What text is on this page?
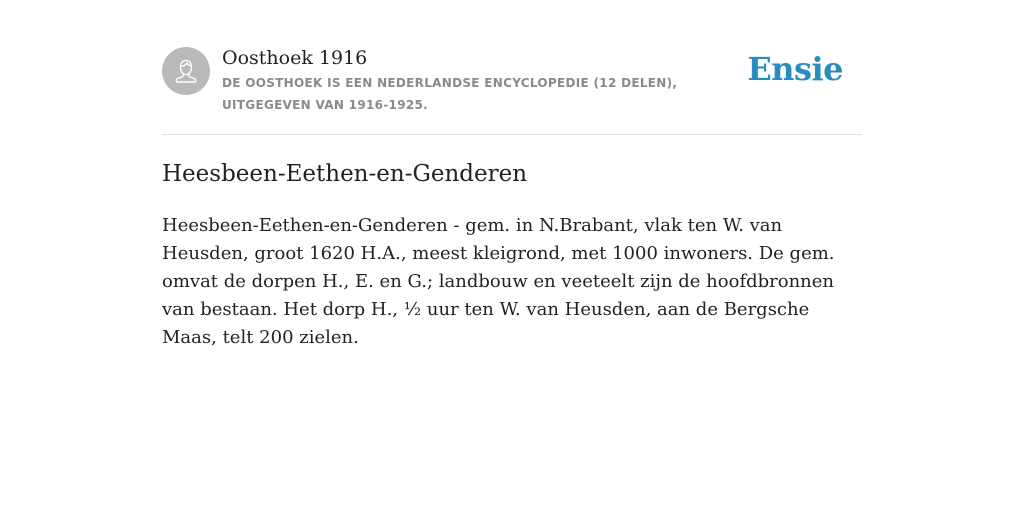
Oosthoek 1916
DE OOSTHOEK IS EEN NEDERLANDSE ENCYCLOPEDIE (12 DELEN), UITGEGEVEN VAN 1916-1925.
Ensie
Heesbeen-Eethen-en-Genderen

Heesbeen-Eethen-en-Genderen - gem. in N.Brabant, vlak ten W. van Heusden, groot 1620 H.A., meest kleigrond, met 1000 inwoners. De gem. omvat de dorpen H., E. en G.; landbouw en veeteelt zijn de hoofdbronnen van bestaan. Het dorp H., ½ uur ten W. van Heusden, aan de Bergsche Maas, telt 200 zielen.
